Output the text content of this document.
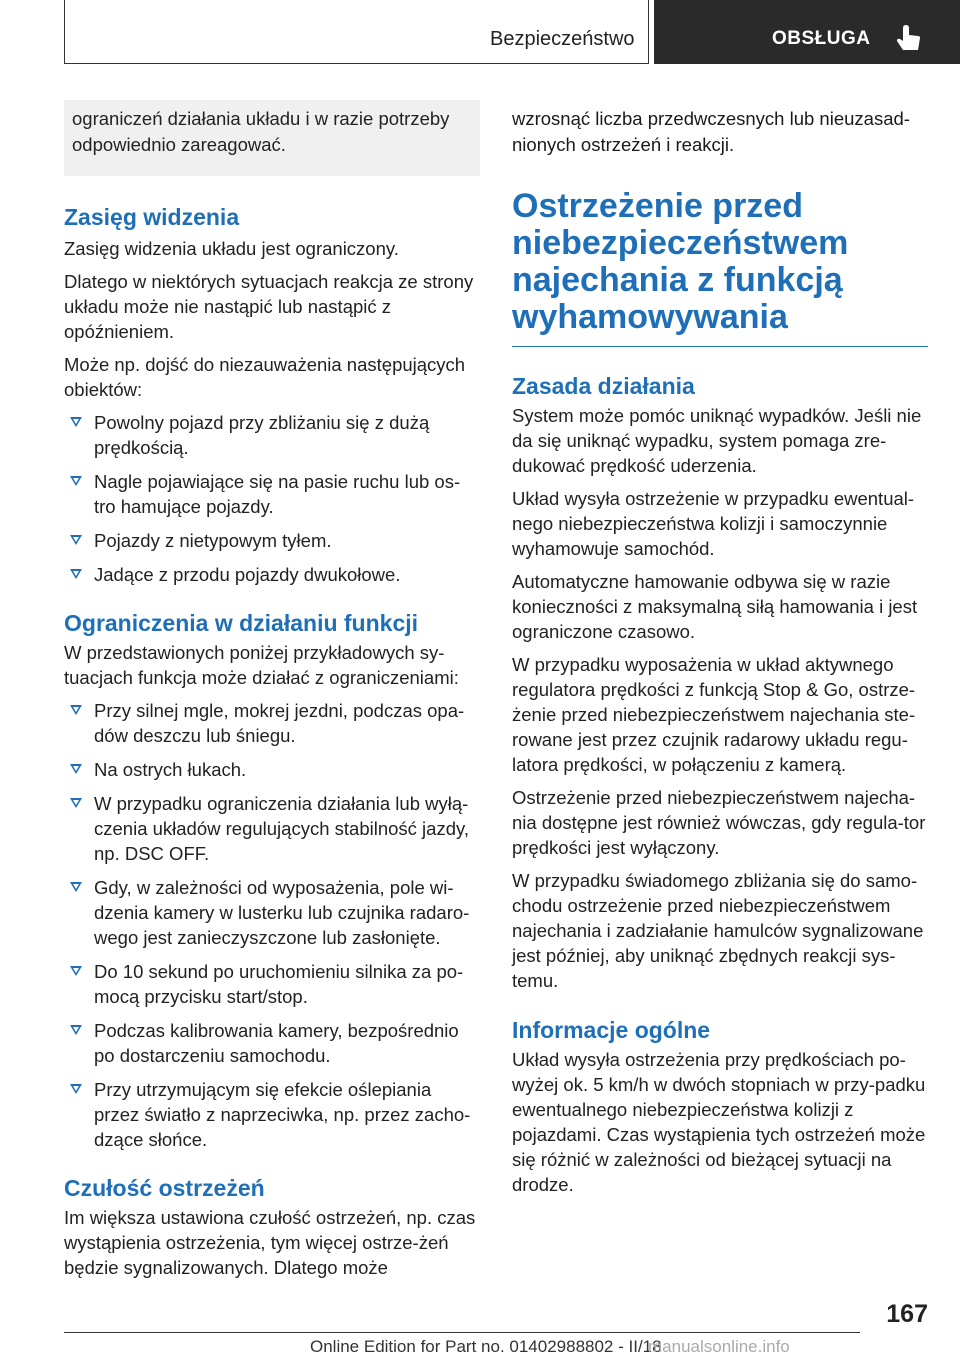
Bezpieczeństwo	OBSŁUGA
ograniczeń działania układu i w razie potrzeby odpowiednio zareagować.
Zasięg widzenia

Zasięg widzenia układu jest ograniczony.

Dlatego w niektórych sytuacjach reakcja ze strony układu może nie nastąpić lub nastąpić z opóźnieniem.

Może np. dojść do niezauważenia następujących obiektów:

Powolny pojazd przy zbliżaniu się z dużą prędkością.
Nagle pojawiające się na pasie ruchu lub os-tro hamujące pojazdy.
Pojazdy z nietypowym tyłem.
Jadące z przodu pojazdy dwukołowe.
Ograniczenia w działaniu funkcji

W przedstawionych poniżej przykładowych sy-tuacjach funkcja może działać z ograniczeniami:

Przy silnej mgle, mokrej jezdni, podczas opa-dów deszczu lub śniegu.
Na ostrych łukach.
W przypadku ograniczenia działania lub wyłą-czenia układów regulujących stabilność jazdy, np. DSC OFF.
Gdy, w zależności od wyposażenia, pole wi-dzenia kamery w lusterku lub czujnika radaro-wego jest zanieczyszczone lub zasłonięte.
Do 10 sekund po uruchomieniu silnika za po-mocą przycisku start/stop.
Podczas kalibrowania kamery, bezpośrednio po dostarczeniu samochodu.
Przy utrzymującym się efekcie oślepiania przez światło z naprzeciwka, np. przez zacho-dzące słońce.
Czułość ostrzeżeń

Im większa ustawiona czułość ostrzeżeń, np. czas wystąpienia ostrzeżenia, tym więcej ostrze-żeń będzie sygnalizowanych. Dlatego może

wzrosnąć liczba przedwczesnych lub nieuzasad-nionych ostrzeżeń i reakcji.
Ostrzeżenie przed niebezpieczeństwem najechania z funkcją wyhamowywania
Zasada działania

System może pomóc uniknąć wypadków. Jeśli nie da się uniknąć wypadku, system pomaga zre-dukować prędkość uderzenia.

Układ wysyła ostrzeżenie w przypadku ewentual-nego niebezpieczeństwa kolizji i samoczynnie wyhamowuje samochód.

Automatyczne hamowanie odbywa się w razie konieczności z maksymalną siłą hamowania i jest ograniczone czasowo.

W przypadku wyposażenia w układ aktywnego regulatora prędkości z funkcją Stop & Go, ostrze-żenie przed niebezpieczeństwem najechania ste-rowane jest przez czujnik radarowy układu regu-latora prędkości, w połączeniu z kamerą.

Ostrzeżenie przed niebezpieczeństwem najecha-nia dostępne jest również wówczas, gdy regula-tor prędkości jest wyłączony.

W przypadku świadomego zbliżania się do samo-chodu ostrzeżenie przed niebezpieczeństwem najechania i zadziałanie hamulców sygnalizowane jest później, aby uniknąć zbędnych reakcji sys-temu.

Informacje ogólne

Układ wysyła ostrzeżenia przy prędkościach po-wyżej ok. 5 km/h w dwóch stopniach w przy-padku ewentualnego niebezpieczeństwa kolizji z pojazdami. Czas wystąpienia tych ostrzeżeń może się różnić w zależności od bieżącej sytuacji na drodze.

167
Online Edition for Part no. 01402988802 - II/18
manualsonline.info
